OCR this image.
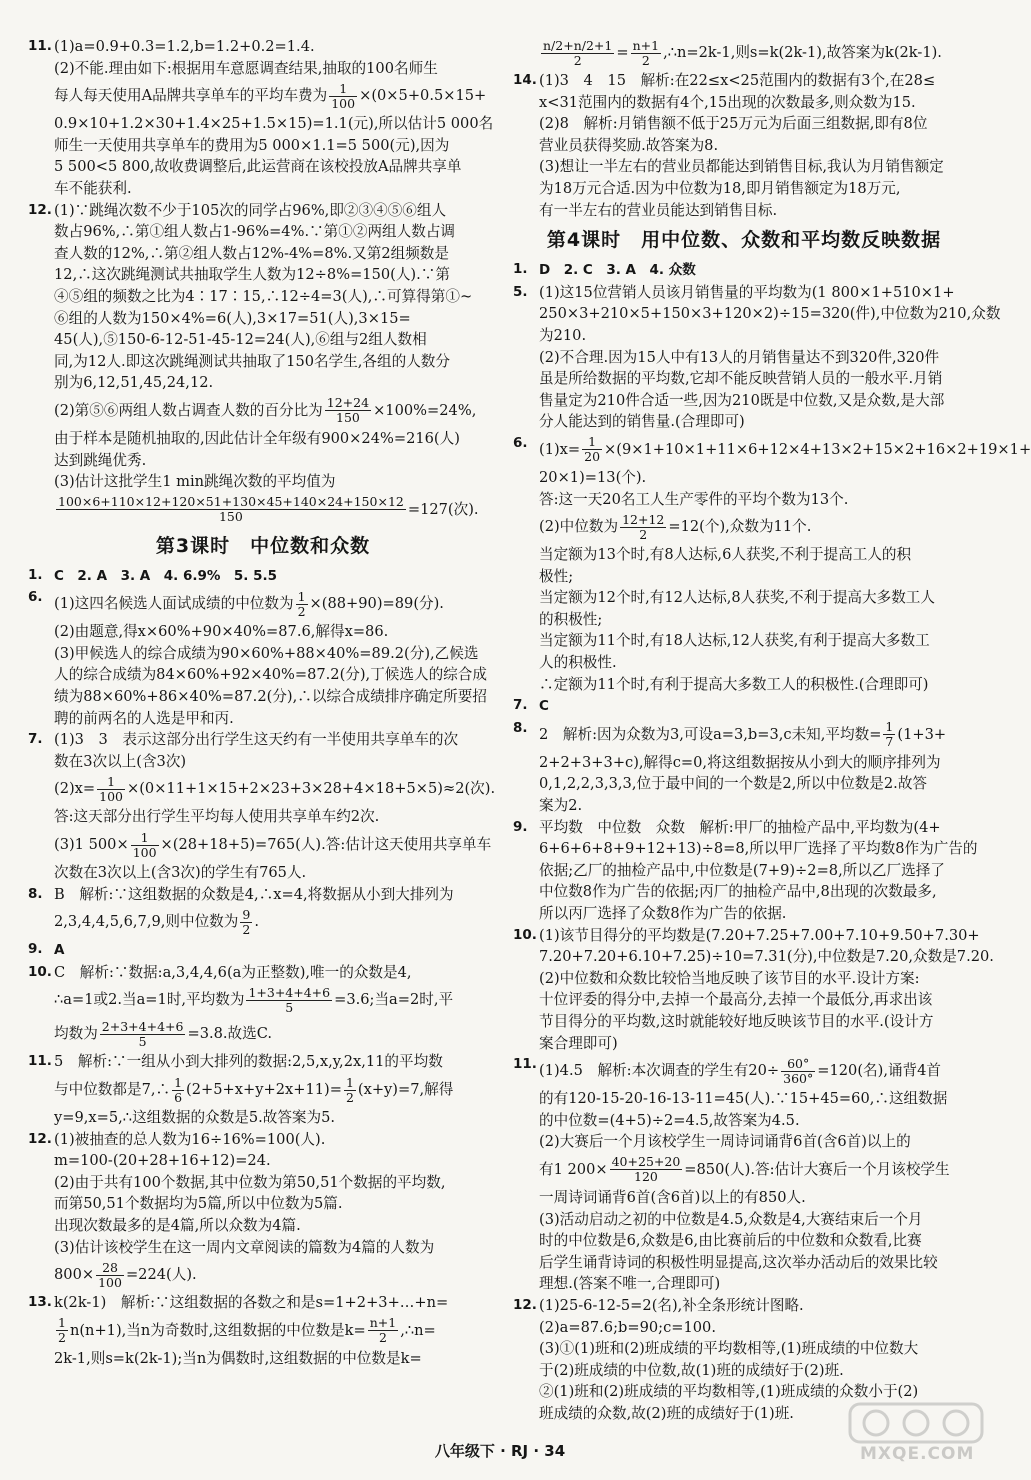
11. (1)a=0.9+0.3=1.2,b=1.2+0.2=1.4.
(2)不能.理由如下:根据用车意愿调查结果,抽取的100名师生
每人每天使用A品牌共享单车的平均车费为 $\frac{1}{100} \times(0\times 5+0.5\times 15+$
0.9×10+1.2×30+1.4×25+1.5×15)=1.1(元),所以估计5 000名
师生一天使用共享单车的费用为5 000×1.1=5 500(元),因为
5 500<5 800,故收费调整后,此运营商在该校投放A品牌共享单
车不能获利.
12. (1)∵跳绳次数不少于105次的同学占96%,即②③④⑤⑥组人
数占96%,∴第①组人数占1-96%=4%.∵第①②两组人数占调
查人数的12%,∴第②组人数占12%-4%=8%.又第2组频数是
12,∴这次跳绳测试共抽取学生人数为12÷8%=150(人).∵第
④⑤组的频数之比为4∶17∶15,∴12÷4=3(人),∴可算得第①~
⑥组的人数为150×4%=6(人),3×17=51(人),3×15=
45(人),⑤150-6-12-51-45-12=24(人),⑥组与2组人数相
同,为12人.即这次跳绳测试共抽取了150名学生,各组的人数分
别为6,12,51,45,24,12.
(2)第⑤⑥两组人数占调查人数的百分比为 $\frac{12+24}{150} \times 100\%=24\%$,
由于样本是随机抽取的,因此估计全年级有900×24%=216(人)
达到跳绳优秀.
(3)估计这批学生1 min跳绳次数的平均值为
$\frac{100\times 6+110\times 12+120\times 51+130\times 45+140\times 24+150\times 12}{150} =127$(次).
第3课时　中位数和众数
1. C　2. A　3. A　4. 6.9%　5. 5.5
6. (1)这四名候选人面试成绩的中位数为 $\frac{1}{2} \times(88+90)=89$(分).
(2)由题意,得x×60%+90×40%=87.6,解得x=86.
(3)甲候选人的综合成绩为90×60%+88×40%=89.2(分),乙候选
人的综合成绩为84×60%+92×40%=87.2(分),丁候选人的综合成
绩为88×60%+86×40%=87.2(分),∴以综合成绩排序确定所要招
聘的前两名的人选是甲和丙.
7. (1)3　3　表示这部分出行学生这天约有一半使用共享单车的次
数在3次以上(含3次)
$(2)x= \frac{1}{100} \times(0\times 11+1\times 15+2\times 23+3\times 28+4\times 18+5\times 5)\approx 2$(次).
答:这天部分出行学生平均每人使用共享单车约2次.
(3)1 $500\times \frac{1}{100} \times(28+18+5)=765$(人).答:估计这天使用共享单车
次数在3次以上(含3次)的学生有765人.
8. B　解析:∵这组数据的众数是4,∴x=4,将数据从小到大排列为
2,3,4,4,5,6,7,9,则中位数为 $\frac{9}{2}$ .
9. A
10. C　解析:∵数据:a,3,4,4,6(a为正整数),唯一的众数是4,
∴a=1或2.当a=1时,平均数为 $\frac{1+3+4+4+6}{5} =3.6$;当a=2时,平
均数为 $\frac{2+3+4+4+6}{5} =3.8$.故选C.
11. 5　解析:∵一组从小到大排列的数据:2,5,x,y,2x,11的平均数
与中位数都是7,∴ $\frac{1}{6} (2+5+x+y+2x+11)= \frac{1}{2} (x+y)=7$,解得
y=9,x=5,∴这组数据的众数是5.故答案为5.
12. (1)被抽查的总人数为16÷16%=100(人).
m=100-(20+28+16+12)=24.
(2)由于共有100个数据,其中位数为第50,51个数据的平均数,
而第50,51个数据均为5篇,所以中位数为5篇.
出现次数最多的是4篇,所以众数为4篇.
(3)估计该校学生在这一周内文章阅读的篇数为4篇的人数为
$800\times \frac{28}{100} =224$(人).
13. k(2k-1)　解析:∵这组数据的各数之和是s=1+2+3+…+n=
$\frac{1}{2} n(n+1)$,当n为奇数时,这组数据的中位数是$k= \frac{n+1}{2}$ ,∴n=
2k-1,则s=k(2k-1);当n为偶数时,这组数据的中位数是k=
$\frac{n/2+n/2+1}{2} = \frac{n+1}{2}$ ,∴n=2k-1,则s=k(2k-1),故答案为k(2k-1).
14. (1)3　4　15　解析:在22≤x<25范围内的数据有3个,在28≤
x<31范围内的数据有4个,15出现的次数最多,则众数为15.
(2)8　解析:月销售额不低于25万元为后面三组数据,即有8位
营业员获得奖励.故答案为8.
(3)想让一半左右的营业员都能达到销售目标,我认为月销售额定
为18万元合适.因为中位数为18,即月销售额定为18万元,
有一半左右的营业员能达到销售目标.
第4课时　用中位数、众数和平均数反映数据
1. D　2. C　3. A　4. 众数
5. (1)这15位营销人员该月销售量的平均数为(1 800×1+510×1+
250×3+210×5+150×3+120×2)÷15=320(件),中位数为210,众数
为210.
(2)不合理.因为15人中有13人的月销售量达不到320件,320件
虽是所给数据的平均数,它却不能反映营销人员的一般水平.月销
售量定为210件合适一些,因为210既是中位数,又是众数,是大部
分人能达到的销售量.(合理即可)
6. $(1)x= \frac{1}{20} \times(9\times 1+10\times 1+11\times 6+12\times 4+13\times 2+15\times 2+16\times 2+19\times 1+$
20×1)=13(个).
答:这一天20名工人生产零件的平均个数为13个.
(2)中位数为 $\frac{12+12}{2} =12$(个),众数为11个.
当定额为13个时,有8人达标,6人获奖,不利于提高工人的积
极性;
当定额为12个时,有12人达标,8人获奖,不利于提高大多数工人
的积极性;
当定额为11个时,有18人达标,12人获奖,有利于提高大多数工
人的积极性.
∴定额为11个时,有利于提高大多数工人的积极性.(合理即可)
7. C
8. 2　解析:因为众数为3,可设a=3,b=3,c未知,平均数= $\frac{1}{7} (1+3+$
2+2+3+3+c),解得c=0,将这组数据按从小到大的顺序排列为
0,1,2,2,3,3,3,位于最中间的一个数是2,所以中位数是2.故答
案为2.
9. 平均数　中位数　众数　解析:甲厂的抽检产品中,平均数为(4+
6+6+6+8+9+12+13)÷8=8,所以甲厂选择了平均数8作为广告的
依据;乙厂的抽检产品中,中位数是(7+9)÷2=8,所以乙厂选择了
中位数8作为广告的依据;丙厂的抽检产品中,8出现的次数最多,
所以丙厂选择了众数8作为广告的依据.
10. (1)该节目得分的平均数是(7.20+7.25+7.00+7.10+9.50+7.30+
7.20+7.20+6.10+7.25)÷10=7.31(分),中位数是7.20,众数是7.20.
(2)中位数和众数比较恰当地反映了该节目的水平.设计方案:
十位评委的得分中,去掉一个最高分,去掉一个最低分,再求出该
节目得分的平均数,这时就能较好地反映该节目的水平.(设计方
案合理即可)
11. (1)4.5　解析:本次调查的学生有$20\div \frac{60^\circ}{360^\circ} =120$(名),诵背4首
的有120-15-20-16-13-11=45(人).∵15+45=60,∴这组数据
的中位数=(4+5)÷2=4.5,故答案为4.5.
(2)大赛后一个月该校学生一周诗词诵背6首(含6首)以上的
有1 $200\times \frac{40+25+20}{120} =850$(人).答:估计大赛后一个月该校学生
一周诗词诵背6首(含6首)以上的有850人.
(3)活动启动之初的中位数是4.5,众数是4,大赛结束后一个月
时的中位数是6,众数是6,由比赛前后的中位数和众数看,比赛
后学生诵背诗词的积极性明显提高,这次举办活动后的效果比较
理想.(答案不唯一,合理即可)
12. (1)25-6-12-5=2(名),补全条形统计图略.
(2)a=87.6;b=90;c=100.
(3)①(1)班和(2)班成绩的平均数相等,(1)班成绩的中位数大
于(2)班成绩的中位数,故(1)班的成绩好于(2)班.
②(1)班和(2)班成绩的平均数相等,(1)班成绩的众数小于(2)
班成绩的众数,故(2)班的成绩好于(1)班.
八年级下 · RJ · 34	MXQE.COM
